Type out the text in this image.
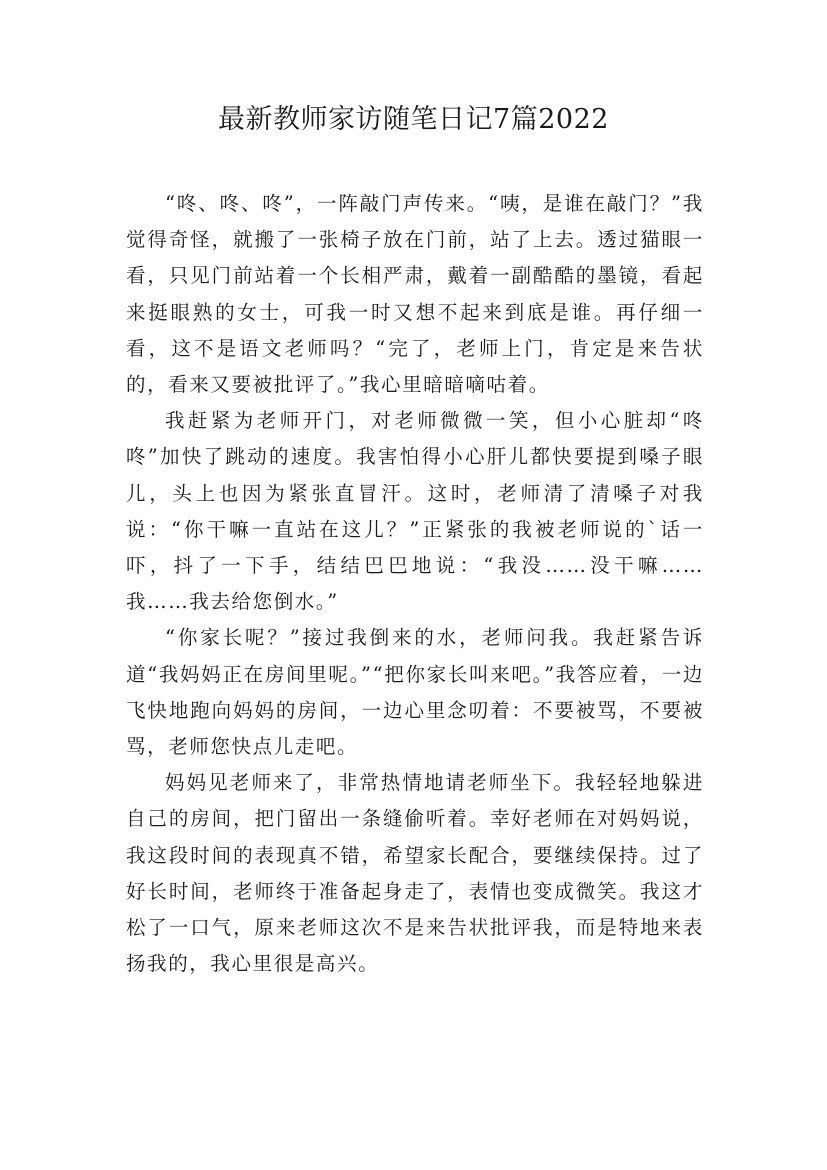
最新教师家访随笔日记7篇2022

“咚、咚、咚”，一阵敲门声传来。“咦，是谁在敲门？”我觉得奇怪，就搬了一张椅子放在门前，站了上去。透过猫眼一看，只见门前站着一个长相严肃，戴着一副酷酷的墨镜，看起来挺眼熟的女士，可我一时又想不起来到底是谁。再仔细一看，这不是语文老师吗？“完了，老师上门，肯定是来告状的，看来又要被批评了。”我心里暗暗嘀咕着。

我赶紧为老师开门，对老师微微一笑，但小心脏却“咚咚”加快了跳动的速度。我害怕得小心肝儿都快要提到嗓子眼儿，头上也因为紧张直冒汗。这时，老师清了清嗓子对我说：“你干嘛一直站在这儿？”正紧张的我被老师说的`话一吓，抖了一下手，结结巴巴地说：“我没……没干嘛……我……我去给您倒水。”

“你家长呢？”接过我倒来的水，老师问我。我赶紧告诉道“我妈妈正在房间里呢。”“把你家长叫来吧。”我答应着，一边飞快地跑向妈妈的房间，一边心里念叨着：不要被骂，不要被骂，老师您快点儿走吧。

妈妈见老师来了，非常热情地请老师坐下。我轻轻地躲进自己的房间，把门留出一条缝偷听着。幸好老师在对妈妈说，我这段时间的表现真不错，希望家长配合，要继续保持。过了好长时间，老师终于准备起身走了，表情也变成微笑。我这才松了一口气，原来老师这次不是来告状批评我，而是特地来表扬我的，我心里很是高兴。
